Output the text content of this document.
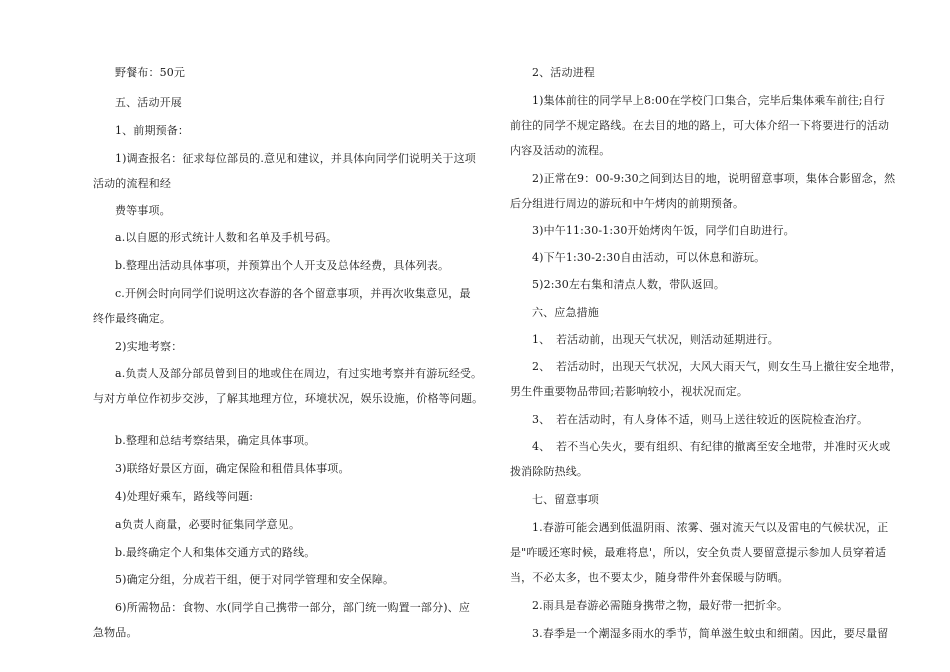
野餐布：50元
五、活动开展
1、前期预备：
1)调查报名：征求每位部员的.意见和建议，并具体向同学们说明关于这项
活动的流程和经
费等事项。
a.以自愿的形式统计人数和名单及手机号码。
b.整理出活动具体事项，并预算出个人开支及总体经费，具体列表。
c.开例会时向同学们说明这次春游的各个留意事项，并再次收集意见，最
终作最终确定。
2)实地考察：
a.负责人及部分部员曾到目的地或住在周边，有过实地考察并有游玩经受。
与对方单位作初步交涉，了解其地理方位，环境状况，娱乐设施，价格等问题。
b.整理和总结考察结果，确定具体事项。
3)联络好景区方面，确定保险和租借具体事项。
4)处理好乘车，路线等问题:
a负责人商量，必要时征集同学意见。
b.最终确定个人和集体交通方式的路线。
5)确定分组，分成若干组，便于对同学管理和安全保障。
6)所需物品：食物、水(同学自己携带一部分，部门统一购置一部分)、应
急物品。
2、活动进程
1)集体前往的同学早上8:00在学校门口集合，完毕后集体乘车前往;自行
前往的同学不规定路线。在去目的地的路上，可大体介绍一下将要进行的活动
内容及活动的流程。
2)正常在9：00-9:30之间到达目的地，说明留意事项，集体合影留念，然
后分组进行周边的游玩和中午烤肉的前期预备。
3)中午11:30-1:30开始烤肉午饭，同学们自助进行。
4)下午1:30-2:30自由活动，可以休息和游玩。
5)2:30左右集和清点人数，带队返回。
六、应急措施
1、　若活动前，出现天气状况，则活动延期进行。
2、　若活动时，出现天气状况，大风大雨天气，则女生马上撤往安全地带，
男生件重要物品带回;若影响较小，视状况而定。
3、　若在活动时，有人身体不适，则马上送往较近的医院检查治疗。
4、　若不当心失火，要有组织、有纪律的撤离至安全地带，并准时灭火或
拨消除防热线。
七、留意事项
1.春游可能会遇到低温阴雨、浓雾、强对流天气以及雷电的气候状况，正
是"咋暖还寒时候，最难将息'，所以，安全负责人要留意提示参加人员穿着适
当，不必太多，也不要太少，随身带件外套保暖与防晒。
2.雨具是春游必需随身携带之物，最好带一把折伞。
3.春季是一个潮湿多雨水的季节，简单滋生蚊虫和细菌。因此，要尽量留
